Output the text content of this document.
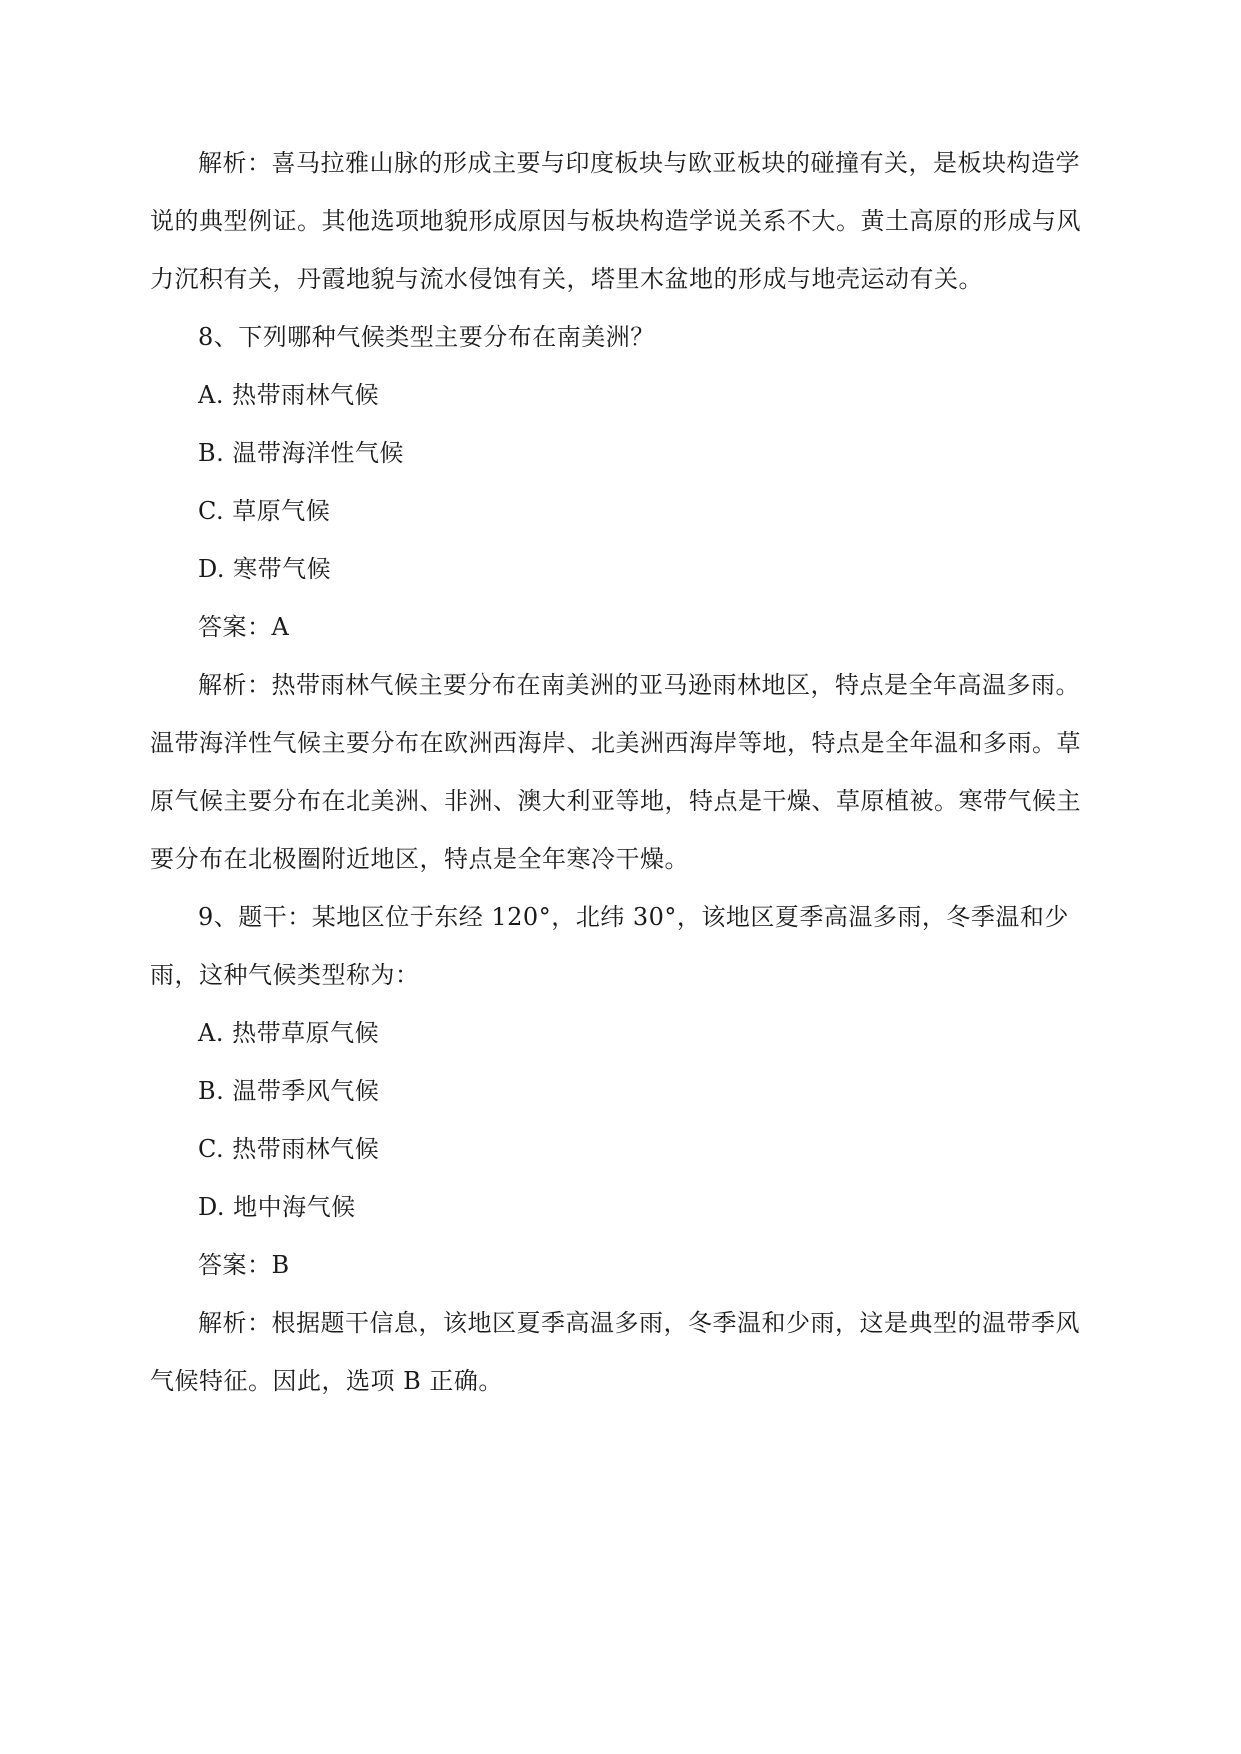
解析：喜马拉雅山脉的形成主要与印度板块与欧亚板块的碰撞有关，是板块构造学
说的典型例证。其他选项地貌形成原因与板块构造学说关系不大。黄土高原的形成与风
力沉积有关，丹霞地貌与流水侵蚀有关，塔里木盆地的形成与地壳运动有关。
8、下列哪种气候类型主要分布在南美洲？
A. 热带雨林气候
B. 温带海洋性气候
C. 草原气候
D. 寒带气候
答案：A
解析：热带雨林气候主要分布在南美洲的亚马逊雨林地区，特点是全年高温多雨。
温带海洋性气候主要分布在欧洲西海岸、北美洲西海岸等地，特点是全年温和多雨。草
原气候主要分布在北美洲、非洲、澳大利亚等地，特点是干燥、草原植被。寒带气候主
要分布在北极圈附近地区，特点是全年寒冷干燥。
9、题干：某地区位于东经 120°，北纬 30°，该地区夏季高温多雨，冬季温和少
雨，这种气候类型称为：
A. 热带草原气候
B. 温带季风气候
C. 热带雨林气候
D. 地中海气候
答案：B
解析：根据题干信息，该地区夏季高温多雨，冬季温和少雨，这是典型的温带季风
气候特征。因此，选项 B 正确。
